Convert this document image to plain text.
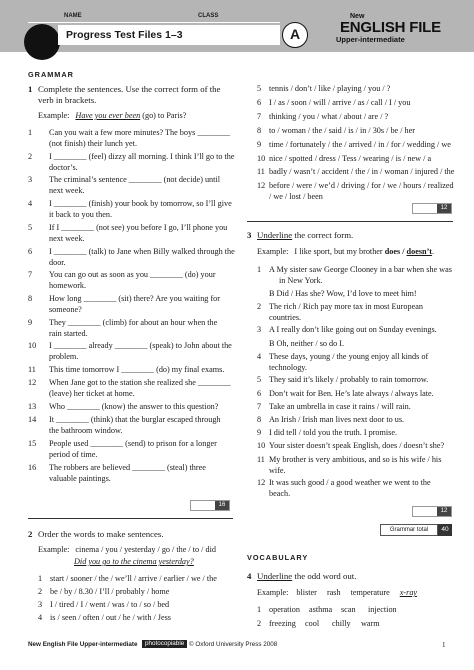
NAME	CLASS
Progress Test Files 1–3	A
New
ENGLISH FILE
Upper-intermediate
GRAMMAR
1 Complete the sentences. Use the correct form of the verb in brackets.
Example: Have you ever been (go) to Paris?
1 Can you wait a few more minutes? The boys ________
(not finish) their lunch yet.
2 I ________ (feel) dizzy all morning. I think I’ll go to the
doctor’s.
3 The criminal’s sentence ________ (not decide) until
next week.
4 I ________ (finish) your book by tomorrow, so I’ll give
it back to you then.
5 If I ________ (not see) you before I go, I’ll phone you
next week.
6 I ________ (talk) to Jane when Billy walked through the
door.
7 You can go out as soon as you ________ (do) your
homework.
8 How long ________ (sit) there? Are you waiting for
someone?
9 They ________ (climb) for about an hour when the
rain started.
10 I ________ already ________ (speak) to John about the
problem.
11 This time tomorrow I ________ (do) my final exams.
12 When Jane got to the station she realized she ________
(leave) her ticket at home.
13 Who ________ (know) the answer to this question?
14 It ________ (think) that the burglar escaped through
the bathroom window.
15 People used ________ (send) to prison for a longer
period of time.
16 The robbers are believed ________ (steal) three
valuable paintings.
16
2 Order the words to make sentences.
Example: cinema / you / yesterday / go / the / to / did
Did you go to the cinema yesterday?
1 start / sooner / the / we’ll / arrive / earlier / we / the
2 be / by / 8.30 / I’ll / probably / home
3 I / tired / I / went / was / to / so / bed
4 is / seen / often / out / he / with / Jess
5 tennis / don’t / like / playing / you / ?
6 I / as / soon / will / arrive / as / call / I / you
7 thinking / you / what / about / are / ?
8 to / woman / the / said / is / in / 30s / be / her
9 time / fortunately / the / arrived / in / for / wedding / we
10 nice / spotted / dress / Tess / wearing / is / new / a
11 badly / wasn’t / accident / the / in / woman / injured / the
12 before / were / we’d / driving / for / we / hours / realized
/ we / lost / been
12
3 Underline the correct form.
Example: I like sport, but my brother does / doesn’t.
1 A My sister saw George Clooney in a bar when she was
in New York.
B Did / Has she? Wow, I’d love to meet him!
2 The rich / Rich pay more tax in most European
countries.
3 A I really don’t like going out on Sunday evenings.
B Oh, neither / so do I.
4 These days, young / the young enjoy all kinds of
technology.
5 They said it’s likely / probably to rain tomorrow.
6 Don’t wait for Ben. He’s late always / always late.
7 Take an umbrella in case it rains / will rain.
8 An Irish / Irish man lives next door to us.
9 I did tell / told you the truth. I promise.
10 Your sister doesn’t speak English, does / doesn’t she?
11 My brother is very ambitious, and so is his wife / his
wife.
12 It was such good / a good weather we went to the
beach.
12
Grammar total	40
VOCABULARY
4 Underline the odd word out.
Example: blister rash temperature x-ray
1 operation asthma scan injection
2 freezing cool chilly warm
New English File Upper-intermediate	photocopiable © Oxford University Press 2008	1
